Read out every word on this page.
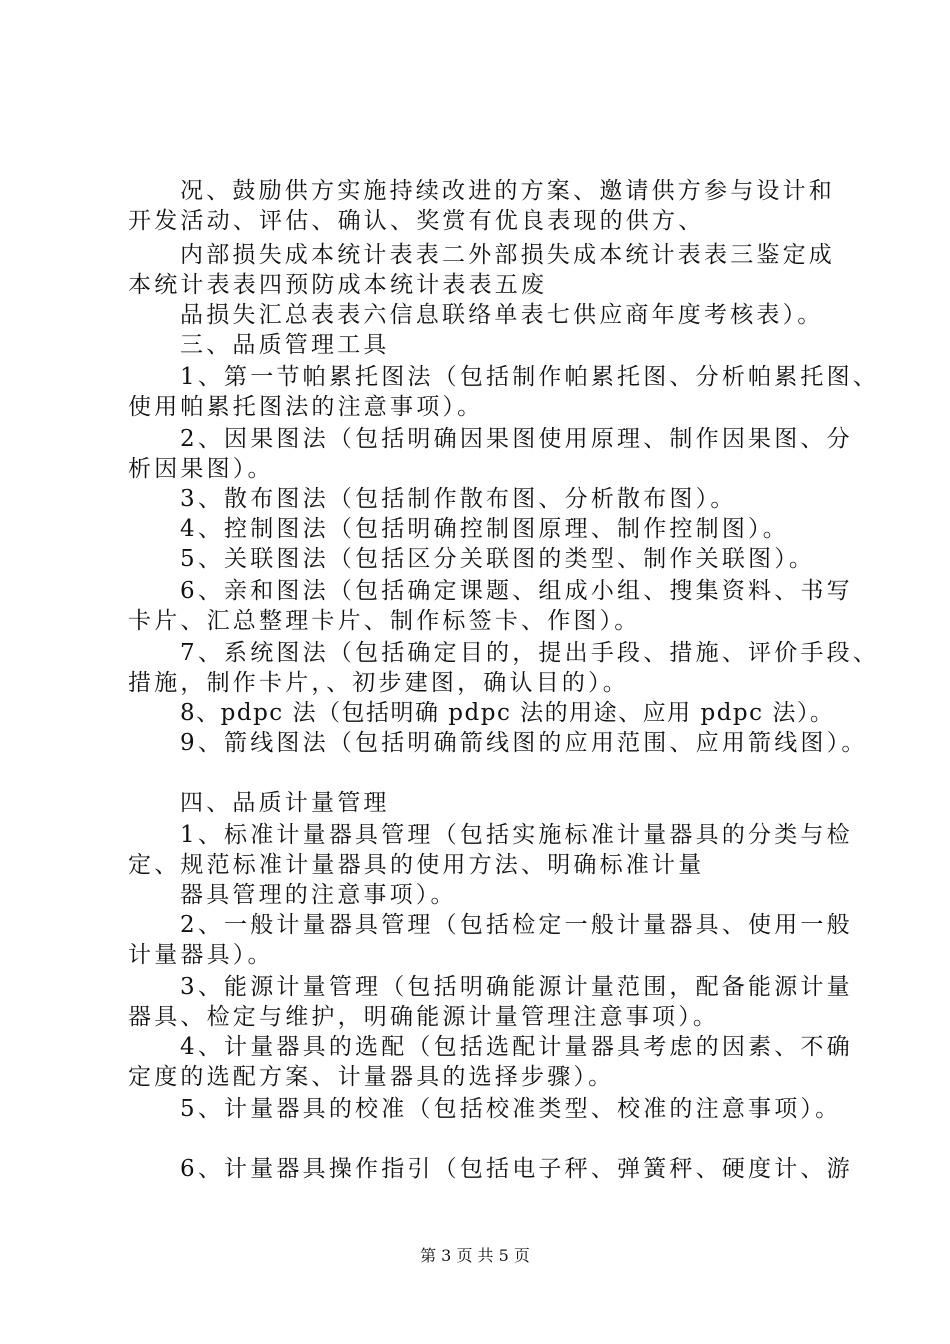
况、鼓励供方实施持续改进的方案、邀请供方参与设计和
开发活动、评估、确认、奖赏有优良表现的供方、
内部损失成本统计表表二外部损失成本统计表表三鉴定成
本统计表表四预防成本统计表表五废
品损失汇总表表六信息联络单表七供应商年度考核表）。
三、品质管理工具
1、第一节帕累托图法（包括制作帕累托图、分析帕累托图、
使用帕累托图法的注意事项）。
2、因果图法（包括明确因果图使用原理、制作因果图、分
析因果图）。
3、散布图法（包括制作散布图、分析散布图）。
4、控制图法（包括明确控制图原理、制作控制图）。
5、关联图法（包括区分关联图的类型、制作关联图）。
6、亲和图法（包括确定课题、组成小组、搜集资料、书写
卡片、汇总整理卡片、制作标签卡、作图）。
7、系统图法（包括确定目的，提出手段、措施、评价手段、
措施，制作卡片，、初步建图，确认目的）。
8、pdpc 法（包括明确 pdpc 法的用途、应用 pdpc 法）。
9、箭线图法（包括明确箭线图的应用范围、应用箭线图）。
四、品质计量管理
1、标准计量器具管理（包括实施标准计量器具的分类与检
定、规范标准计量器具的使用方法、明确标准计量
器具管理的注意事项）。
2、一般计量器具管理（包括检定一般计量器具、使用一般
计量器具）。
3、能源计量管理（包括明确能源计量范围，配备能源计量
器具、检定与维护，明确能源计量管理注意事项）。
4、计量器具的选配（包括选配计量器具考虑的因素、不确
定度的选配方案、计量器具的选择步骤）。
5、计量器具的校准（包括校准类型、校准的注意事项）。
6、计量器具操作指引（包括电子秤、弹簧秤、硬度计、游
第 3 页 共 5 页
